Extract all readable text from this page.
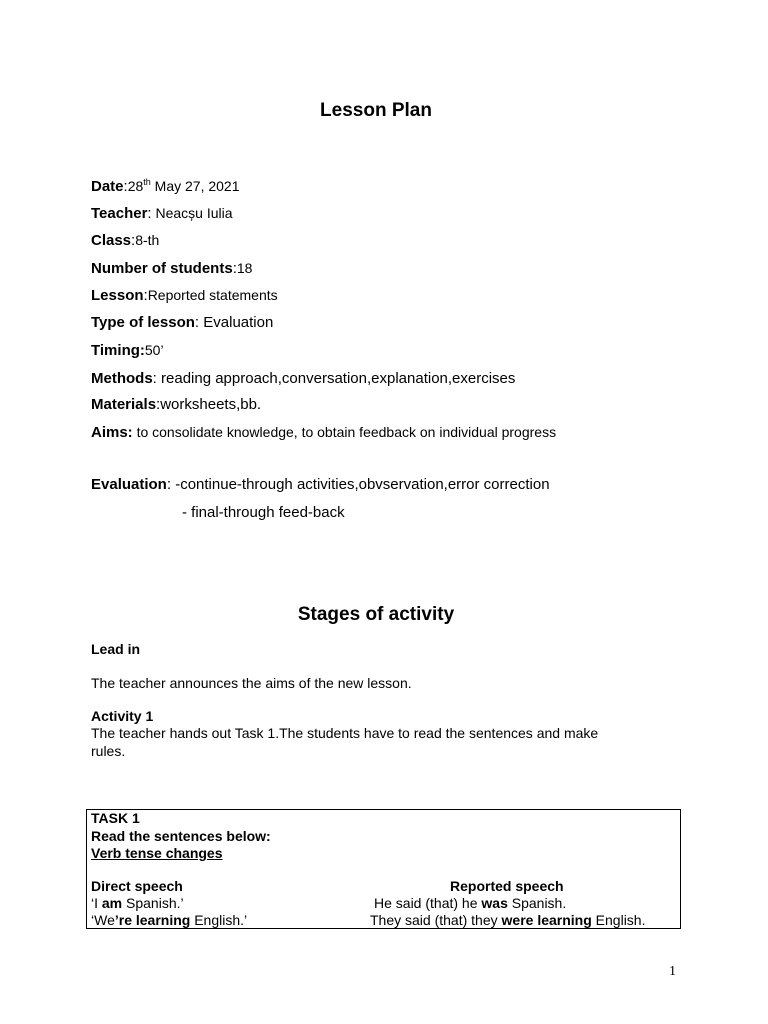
Lesson Plan
Date:28th May 27, 2021
Teacher: Neacșu Iulia
Class:8-th
Number of students:18
Lesson:Reported statements
Type of lesson: Evaluation
Timing:50’
Methods: reading approach,conversation,explanation,exercises
Materials:worksheets,bb.
Aims: to consolidate knowledge, to obtain feedback on individual progress
Evaluation: -continue-through activities,obvservation,error correction
- final-through feed-back
Stages of activity
Lead in
The teacher announces the aims of the new lesson.
Activity 1
The teacher hands out Task 1.The students have to read the sentences and make
rules.
TASK 1
Read the sentences below:
Verb tense changes
Direct speech	Reported speech
‘I am Spanish.’	He said (that) he was Spanish.
‘We’re learning English.’	They said (that) they were learning English.
1
